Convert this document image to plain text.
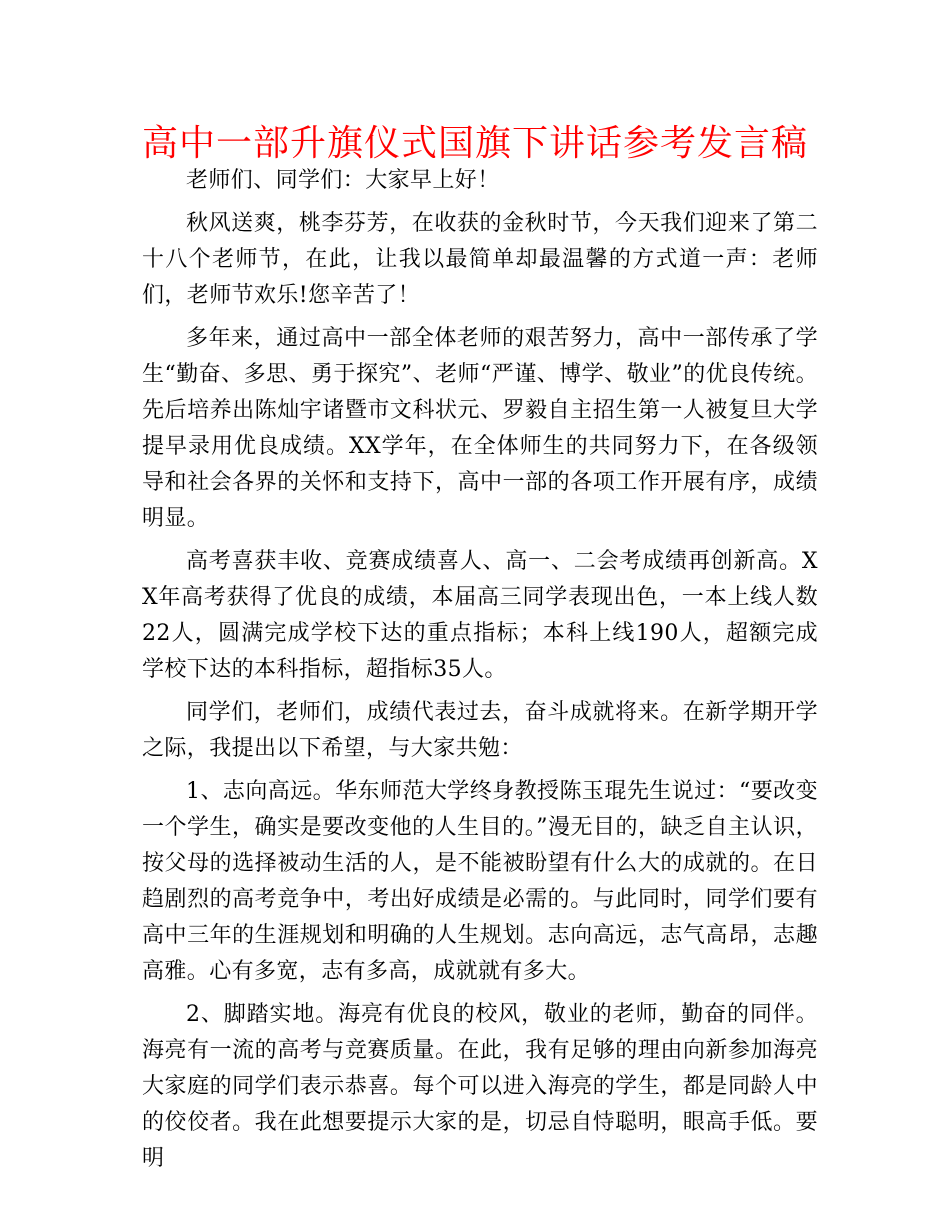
高中一部升旗仪式国旗下讲话参考发言稿

老师们、同学们：大家早上好！

秋风送爽，桃李芬芳，在收获的金秋时节，今天我们迎来了第二十八个老师节，在此，让我以最简单却最温馨的方式道一声：老师们，老师节欢乐!您辛苦了！

多年来，通过高中一部全体老师的艰苦努力，高中一部传承了学生“勤奋、多思、勇于探究”、老师“严谨、博学、敬业”的优良传统。先后培养出陈灿宇诸暨市文科状元、罗毅自主招生第一人被复旦大学提早录用优良成绩。XX学年，在全体师生的共同努力下，在各级领导和社会各界的关怀和支持下，高中一部的各项工作开展有序，成绩明显。

高考喜获丰收、竞赛成绩喜人、高一、二会考成绩再创新高。XX年高考获得了优良的成绩，本届高三同学表现出色，一本上线人数22人，圆满完成学校下达的重点指标；本科上线190人，超额完成学校下达的本科指标，超指标35人。

同学们，老师们，成绩代表过去，奋斗成就将来。在新学期开学之际，我提出以下希望，与大家共勉：

1、志向高远。华东师范大学终身教授陈玉琨先生说过：“要改变一个学生，确实是要改变他的人生目的。”漫无目的，缺乏自主认识，按父母的选择被动生活的人，是不能被盼望有什么大的成就的。在日趋剧烈的高考竞争中，考出好成绩是必需的。与此同时，同学们要有高中三年的生涯规划和明确的人生规划。志向高远，志气高昂，志趣高雅。心有多宽，志有多高，成就就有多大。

2、脚踏实地。海亮有优良的校风，敬业的老师，勤奋的同伴。海亮有一流的高考与竞赛质量。在此，我有足够的理由向新参加海亮大家庭的同学们表示恭喜。每个可以进入海亮的学生，都是同龄人中的佼佼者。我在此想要提示大家的是，切忌自恃聪明，眼高手低。要明
